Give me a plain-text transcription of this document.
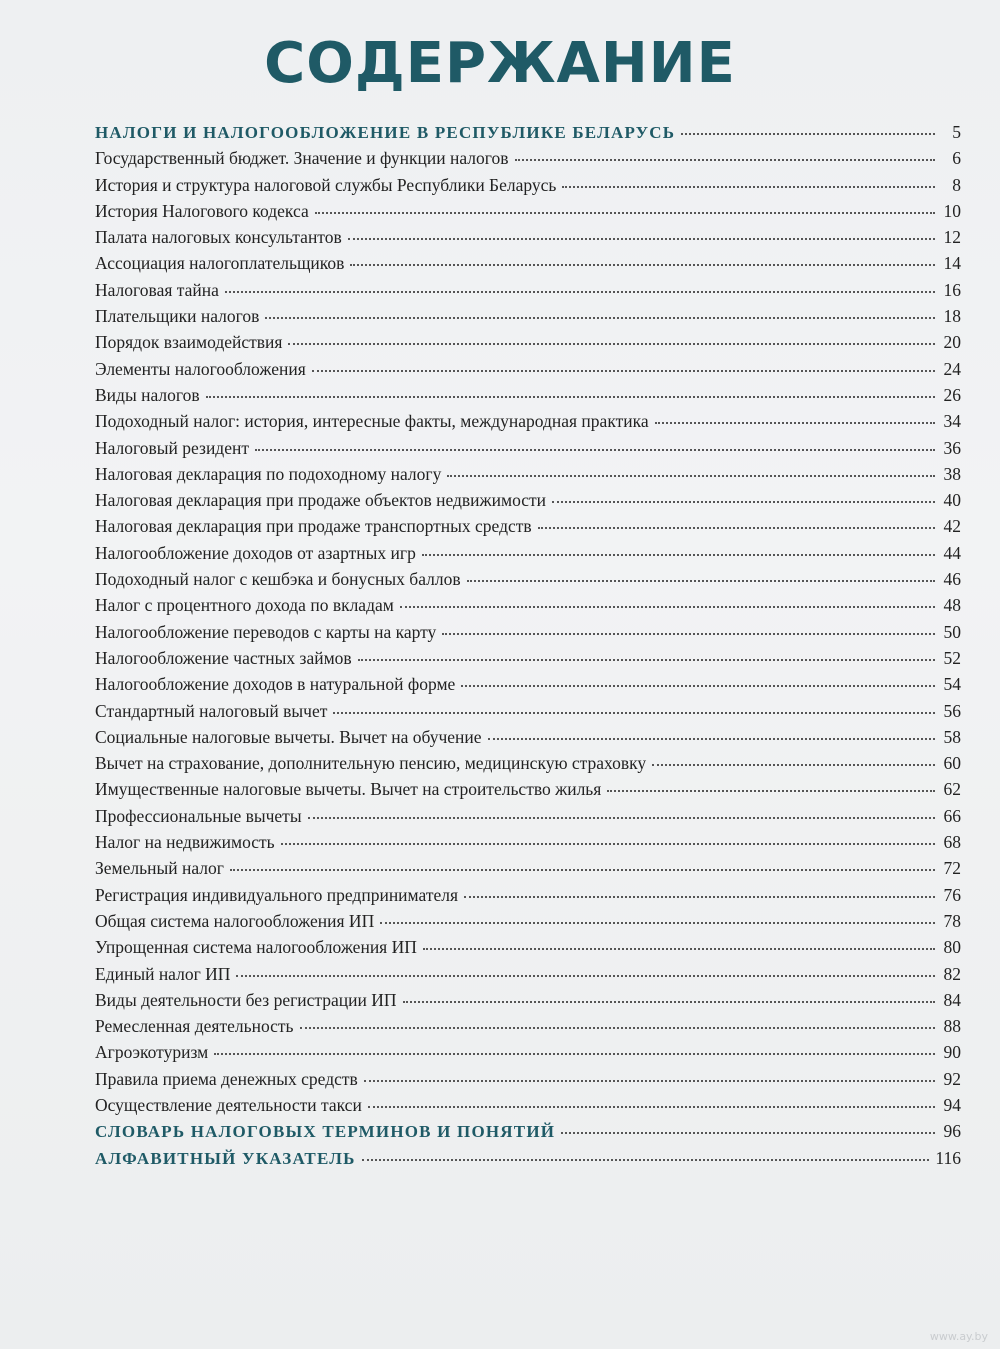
СОДЕРЖАНИЕ
НАЛОГИ И НАЛОГООБЛОЖЕНИЕ В РЕСПУБЛИКЕ БЕЛАРУСЬ	5
Государственный бюджет. Значение и функции налогов	6
История и структура налоговой службы Республики Беларусь	8
История Налогового кодекса	10
Палата налоговых консультантов	12
Ассоциация налогоплательщиков	14
Налоговая тайна	16
Плательщики налогов	18
Порядок взаимодействия	20
Элементы налогообложения	24
Виды налогов	26
Подоходный налог: история, интересные факты, международная практика	34
Налоговый резидент	36
Налоговая декларация по подоходному налогу	38
Налоговая декларация при продаже объектов недвижимости	40
Налоговая декларация при продаже транспортных средств	42
Налогообложение доходов от азартных игр	44
Подоходный налог с кешбэка и бонусных баллов	46
Налог с процентного дохода по вкладам	48
Налогообложение переводов с карты на карту	50
Налогообложение частных займов	52
Налогообложение доходов в натуральной форме	54
Стандартный налоговый вычет	56
Социальные налоговые вычеты. Вычет на обучение	58
Вычет на страхование, дополнительную пенсию, медицинскую страховку	60
Имущественные налоговые вычеты. Вычет на строительство жилья	62
Профессиональные вычеты	66
Налог на недвижимость	68
Земельный налог	72
Регистрация индивидуального предпринимателя	76
Общая система налогообложения ИП	78
Упрощенная система налогообложения ИП	80
Единый налог ИП	82
Виды деятельности без регистрации ИП	84
Ремесленная деятельность	88
Агроэкотуризм	90
Правила приема денежных средств	92
Осуществление деятельности такси	94
СЛОВАРЬ НАЛОГОВЫХ ТЕРМИНОВ И ПОНЯТИЙ	96
АЛФАВИТНЫЙ УКАЗАТЕЛЬ	116
www.ay.by
